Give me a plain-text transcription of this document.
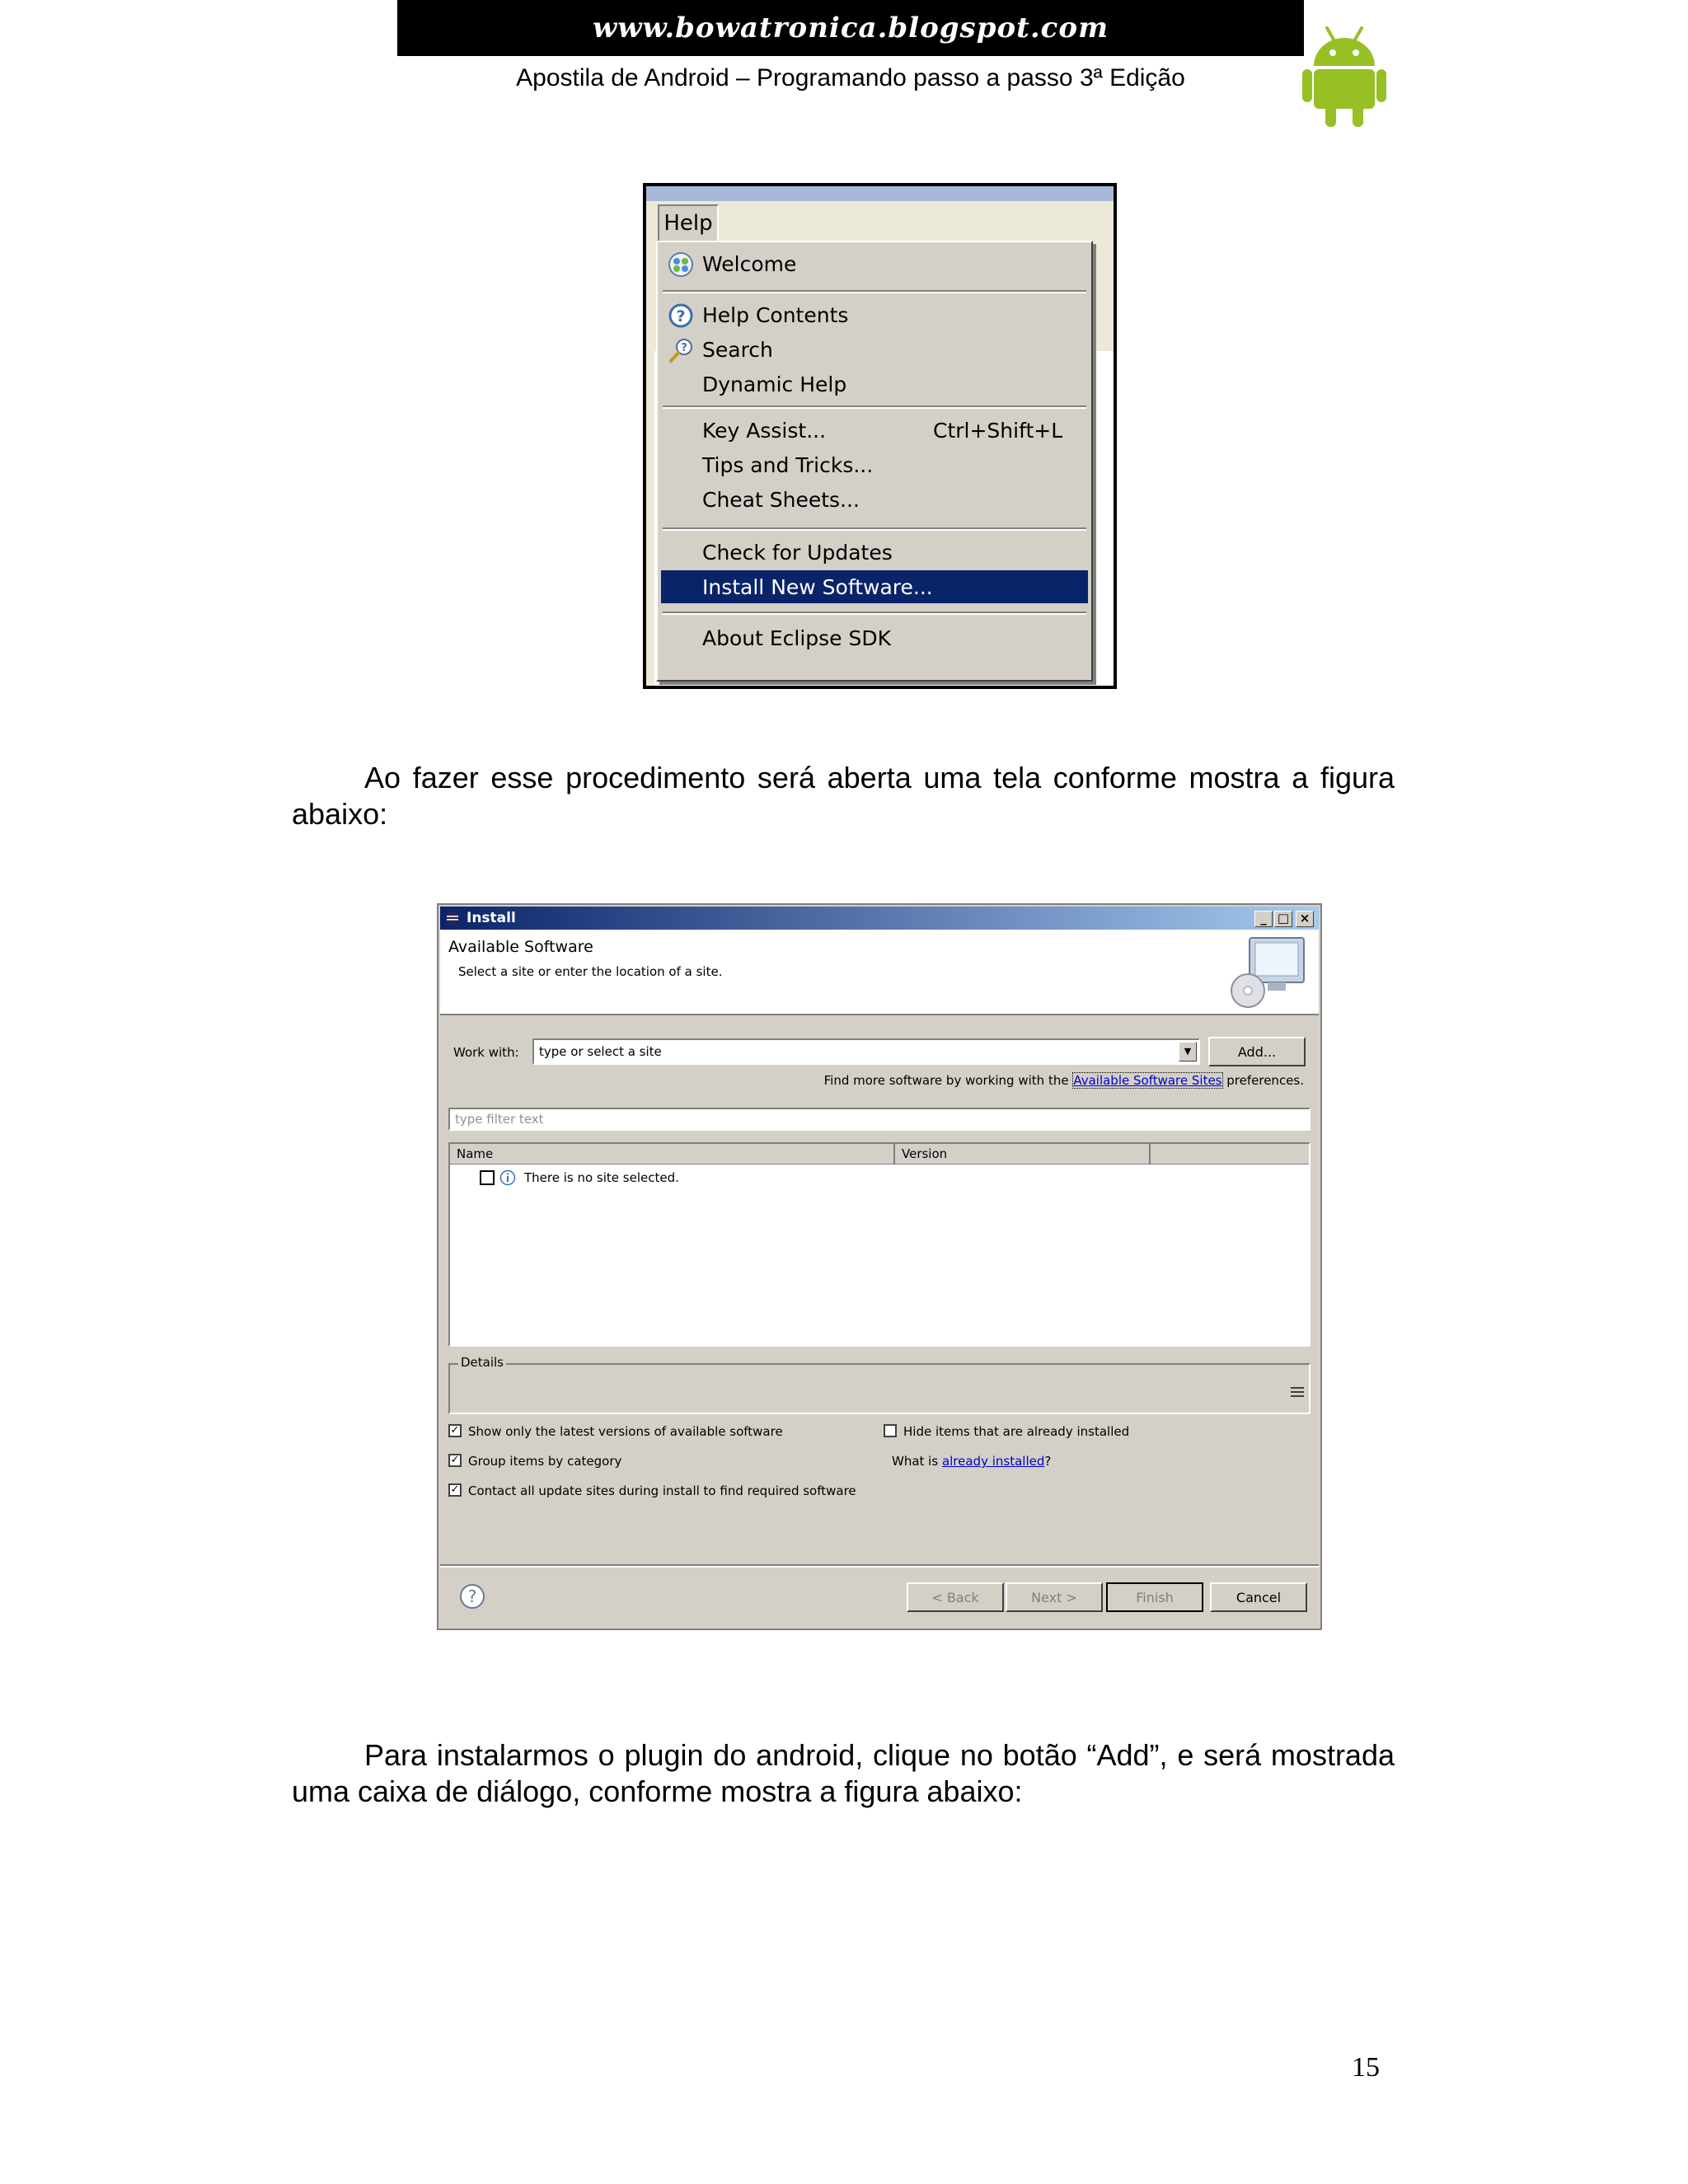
www.bowatronica.blogspot.com
Apostila de Android – Programando passo a passo 3ª Edição
Help
Welcome
? Help Contents
? Search
Dynamic Help
Key Assist...	Ctrl+Shift+L
Tips and Tricks...
Cheat Sheets...
Check for Updates
Install New Software...
About Eclipse SDK
Ao fazer esse procedimento será aberta uma tela conforme mostra a figura abaixo:
Install	_ □ ×
Available Software
Select a site or enter the location of a site.
Work with: type or select a site	▼	Add...
Find more software by working with the Available Software Sites preferences.
type filter text
Name	Version
There is no site selected.
Details
✓ Show only the latest versions of available software
✓ Group items by category
✓ Contact all update sites during install to find required software
Hide items that are already installed
What is already installed?
?	< Back	Next >	Finish	Cancel
Para instalarmos o plugin do android, clique no botão “Add”, e será mostrada uma caixa de diálogo, conforme mostra a figura abaixo:
15
